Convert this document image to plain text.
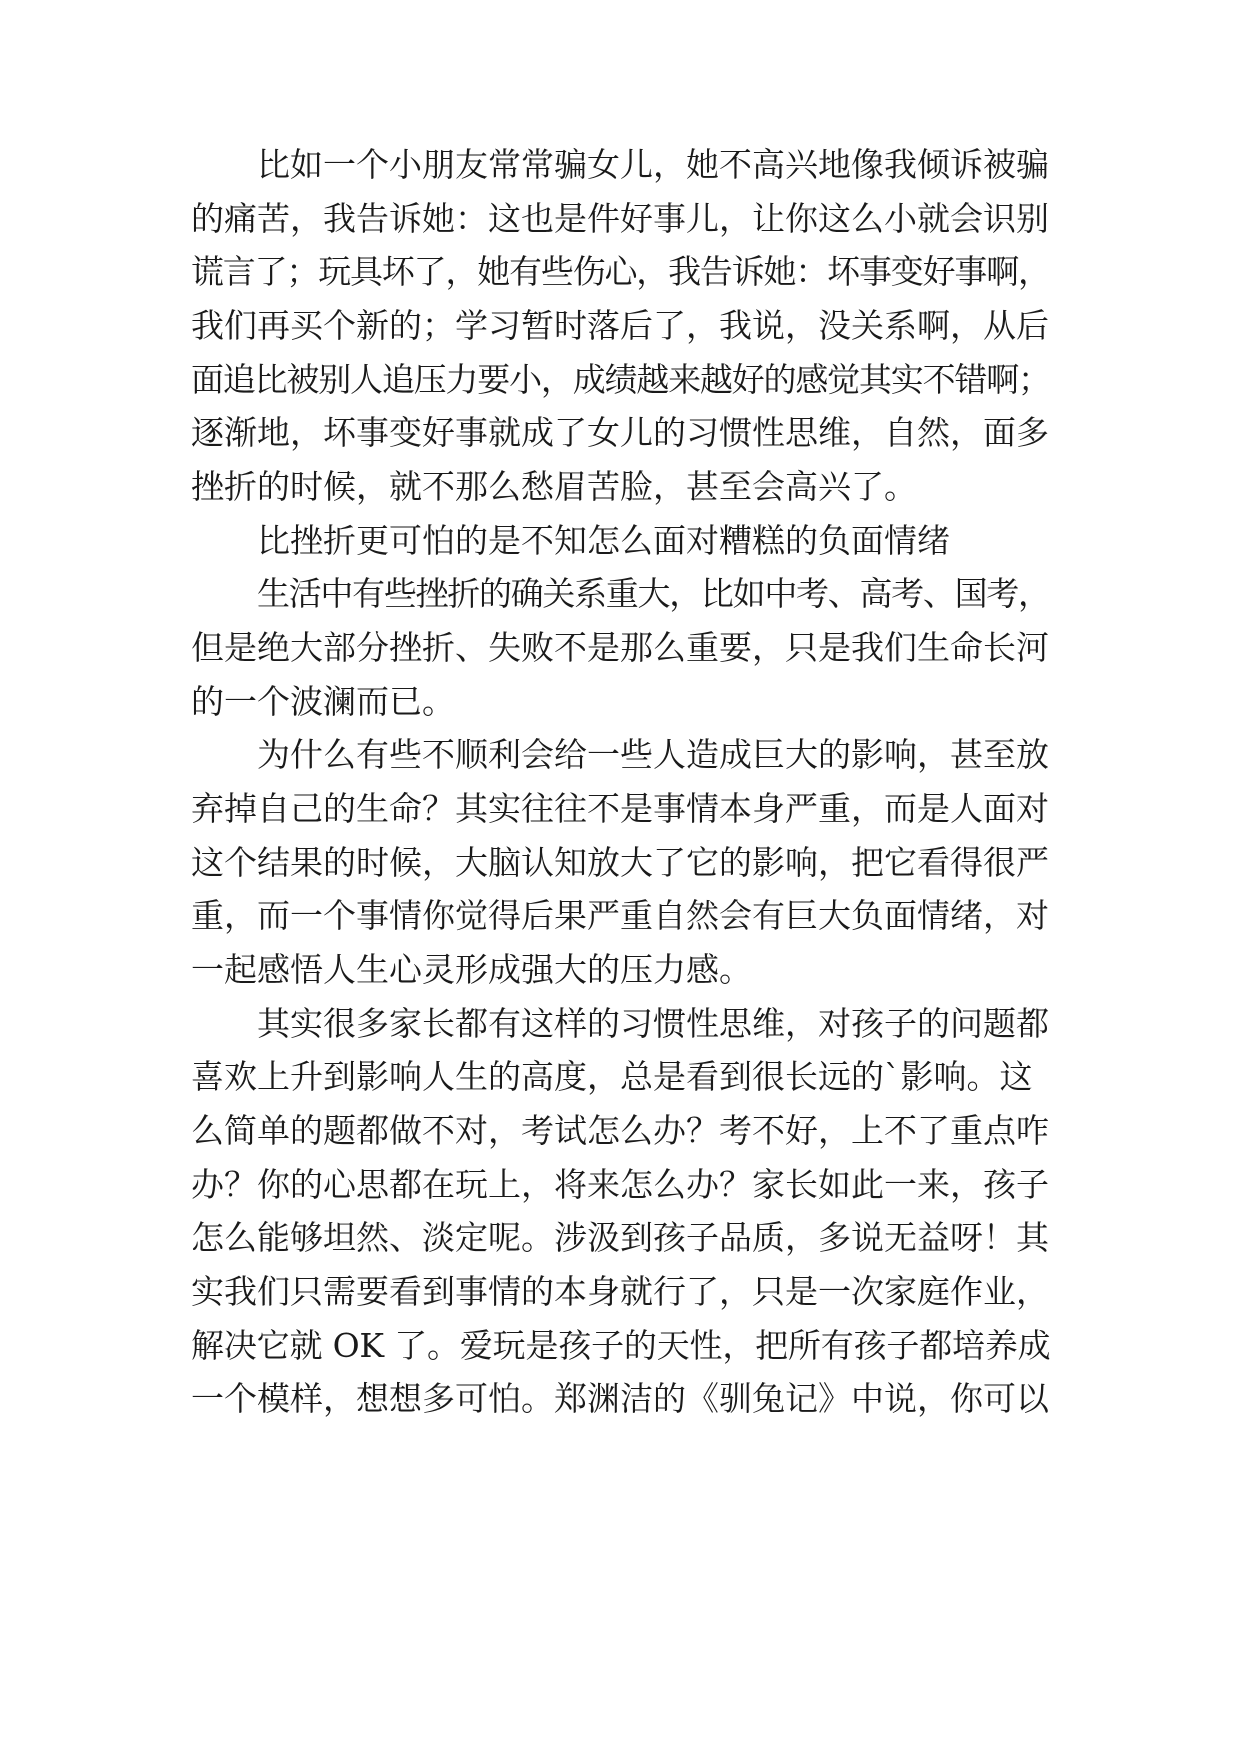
比如一个小朋友常常骗女儿，她不高兴地像我倾诉被骗
的痛苦，我告诉她：这也是件好事儿，让你这么小就会识别
谎言了；玩具坏了，她有些伤心，我告诉她：坏事变好事啊，
我们再买个新的；学习暂时落后了，我说，没关系啊，从后
面追比被别人追压力要小，成绩越来越好的感觉其实不错啊；
逐渐地，坏事变好事就成了女儿的习惯性思维，自然，面多
挫折的时候，就不那么愁眉苦脸，甚至会高兴了。
比挫折更可怕的是不知怎么面对糟糕的负面情绪
生活中有些挫折的确关系重大，比如中考、高考、国考，
但是绝大部分挫折、失败不是那么重要，只是我们生命长河
的一个波澜而已。
为什么有些不顺利会给一些人造成巨大的影响，甚至放
弃掉自己的生命？其实往往不是事情本身严重，而是人面对
这个结果的时候，大脑认知放大了它的影响，把它看得很严
重，而一个事情你觉得后果严重自然会有巨大负面情绪，对
一起感悟人生心灵形成强大的压力感。
其实很多家长都有这样的习惯性思维，对孩子的问题都
喜欢上升到影响人生的高度，总是看到很长远的`影响。这
么简单的题都做不对，考试怎么办？考不好，上不了重点咋
办？你的心思都在玩上，将来怎么办？家长如此一来，孩子
怎么能够坦然、淡定呢。涉汲到孩子品质，多说无益呀！其
实我们只需要看到事情的本身就行了，只是一次家庭作业，
解决它就 OK 了。爱玩是孩子的天性，把所有孩子都培养成
一个模样，想想多可怕。郑渊洁的《驯兔记》中说，你可以
